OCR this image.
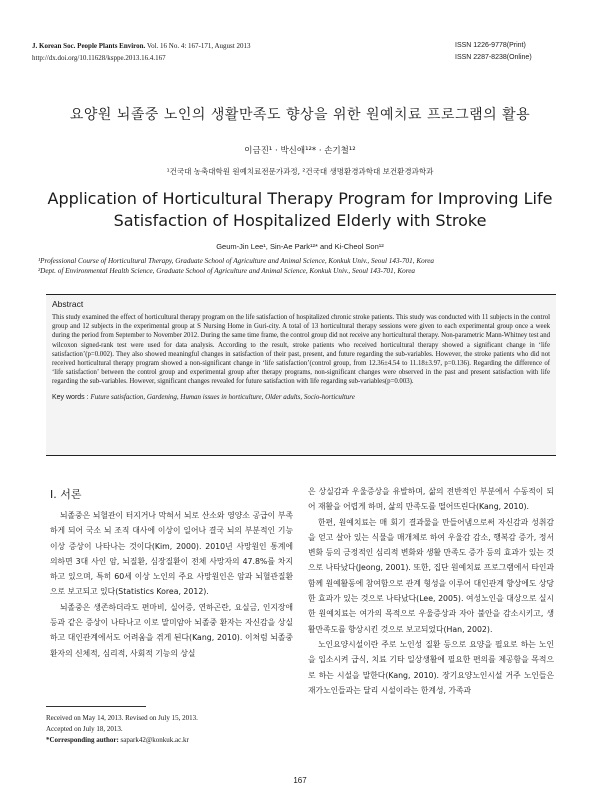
J. Korean Soc. People Plants Environ. Vol. 16 No. 4: 167-171, August 2013
http://dx.doi.org/10.11628/ksppe.2013.16.4.167
ISSN 1226-9778(Print)
ISSN 2287-8238(Online)
요양원 뇌졸중 노인의 생활만족도 향상을 위한 원예치료 프로그램의 활용
이금진¹ · 박신애¹²* · 손기철¹²
¹건국대 농축대학원 원예치료전문가과정, ²건국대 생명환경과학대 보건환경과학과
Application of Horticultural Therapy Program for Improving Life
Satisfaction of Hospitalized Elderly with Stroke
Geum-Jin Lee¹, Sin-Ae Park¹²* and Ki-Cheol Son¹²
¹Professional Course of Horticultural Therapy, Graduate School of Agriculture and Animal Science, Konkuk Univ., Seoul 143-701, Korea
²Dept. of Environmental Health Science, Graduate School of Agriculture and Animal Science, Konkuk Univ., Seoul 143-701, Korea
Abstract
This study examined the effect of horticultural therapy program on the life satisfaction of hospitalized chronic stroke patients. This study was conducted with 11 subjects in the control group and 12 subjects in the experimental group at S Nursing Home in Guri-city. A total of 13 horticultural therapy sessions were given to each experimental group once a week during the period from September to November 2012. During the same time frame, the control group did not receive any horticultural therapy. Non-parametric Mann-Whitney test and wilcoxon signed-rank test were used for data analysis. According to the result, stroke patients who received horticultural therapy showed a significant change in ‘life satisfaction’(p=0.002). They also showed meaningful changes in satisfaction of their past, present, and future regarding the sub-variables. However, the stroke patients who did not received horticultural therapy program showed a non-significant change in ‘life satisfaction’(control group, from 12.36±4.54 to 11.18±3.97, p=0.136). Regarding the difference of ‘life satisfaction’ between the control group and experimental group after therapy programs, non-significant changes were observed in the past and present satisfaction with life regarding the sub-variables. However, significant changes revealed for future satisfaction with life regarding sub-variables(p=0.003).
Key words : Future satisfaction, Gardening, Human issues in horticulture, Older adults, Socio-horticulture
Ⅰ. 서론

뇌졸중은 뇌혈관이 터지거나 막혀서 뇌로 산소와 영양소 공급이 부족하게 되어 국소 뇌 조직 대사에 이상이 일어나 결국 뇌의 부분적인 기능 이상 증상이 나타나는 것이다(Kim, 2000). 2010년 사망원인 통계에 의하면 3대 사인 암, 뇌질환, 심장질환이 전체 사망자의 47.8%를 차지하고 있으며, 특히 60세 이상 노인의 주요 사망원인은 암과 뇌혈관질환으로 보고되고 있다(Statistics Korea, 2012).

뇌졸중은 생존하더라도 편마비, 실어증, 연하곤란, 요실금, 인지장애 등과 같은 증상이 나타나고 이로 말미암아 뇌졸중 환자는 자신감을 상실하고 대인관계에서도 어려움을 겪게 된다(Kang, 2010). 이처럼 뇌졸중 환자의 신체적, 심리적, 사회적 기능의 상실

은 상실감과 우울증상을 유발하며, 삶의 전반적인 부분에서 수동적이 되어 재활을 어렵게 하며, 삶의 만족도를 떨어뜨린다(Kang, 2010).

한편, 원예치료는 매 회기 결과물을 만들어냄으로써 자신감과 성취감을 얻고 살아 있는 식물을 매개체로 하여 우울감 감소, 행복감 증가, 정서 변화 등의 긍정적인 심리적 변화와 생활 만족도 증가 등의 효과가 있는 것으로 나타났다(Jeong, 2001). 또한, 집단 원예치료 프로그램에서 타인과 함께 원예활동에 참여함으로 관계 형성을 이루어 대인관계 향상에도 상당한 효과가 있는 것으로 나타났다(Lee, 2005). 여성노인을 대상으로 실시한 원예치료는 여가의 목적으로 우울증상과 자아 불안을 감소시키고, 생활만족도를 향상시킨 것으로 보고되었다(Han, 2002).

노인요양시설이란 주로 노인성 질환 등으로 요양을 필요로 하는 노인을 입소시켜 급식, 치료 기타 일상생활에 필요한 편의를 제공함을 목적으로 하는 시설을 말한다(Kang, 2010). 장기요양노인시설 거주 노인들은 재가노인들과는 달리 시설이라는 한계성, 가족과

Received on May 14, 2013. Revised on July 15, 2013.
Accepted on July 18, 2013.
*Corresponding author: sapark42@konkuk.ac.kr
167
